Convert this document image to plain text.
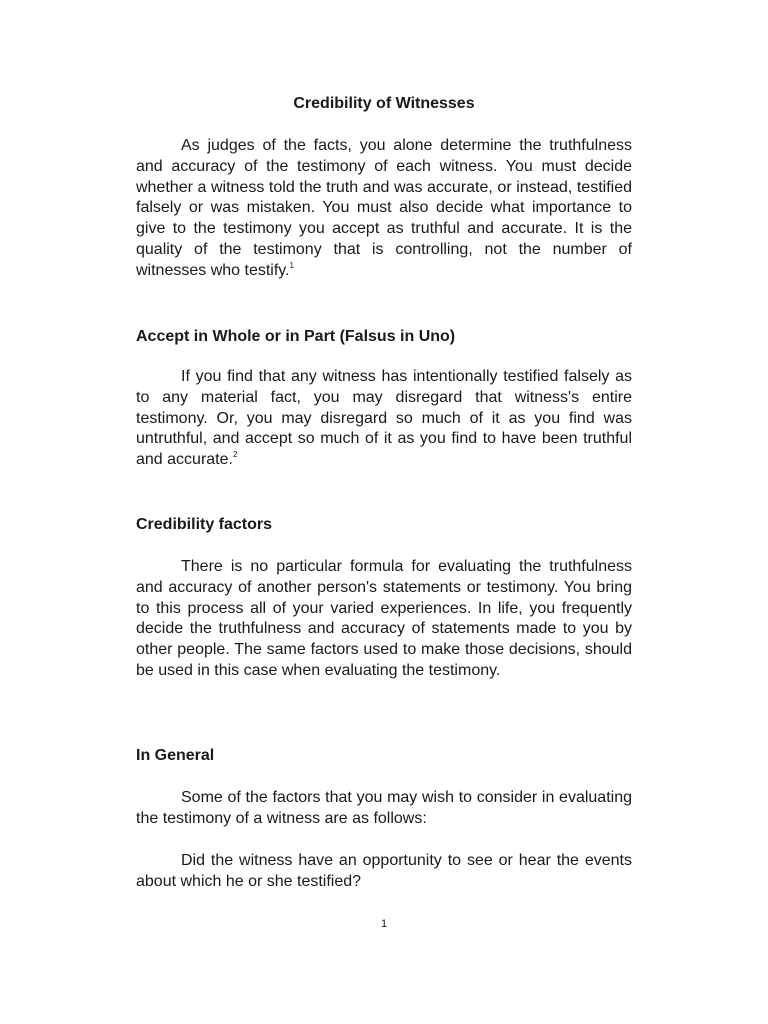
Credibility of Witnesses

As judges of the facts, you alone determine the truthfulness and accuracy of the testimony of each witness. You must decide whether a witness told the truth and was accurate, or instead, testified falsely or was mistaken. You must also decide what importance to give to the testimony you accept as truthful and accurate. It is the quality of the testimony that is controlling, not the number of witnesses who testify.$^1$

Accept in Whole or in Part (Falsus in Uno)

If you find that any witness has intentionally testified falsely as to any material fact, you may disregard that witness's entire testimony. Or, you may disregard so much of it as you find was untruthful, and accept so much of it as you find to have been truthful and accurate.$^2$

Credibility factors

There is no particular formula for evaluating the truthfulness and accuracy of another person's statements or testimony. You bring to this process all of your varied experiences. In life, you frequently decide the truthfulness and accuracy of statements made to you by other people. The same factors used to make those decisions, should be used in this case when evaluating the testimony.

In General

Some of the factors that you may wish to consider in evaluating the testimony of a witness are as follows:

Did the witness have an opportunity to see or hear the events about which he or she testified?

1
